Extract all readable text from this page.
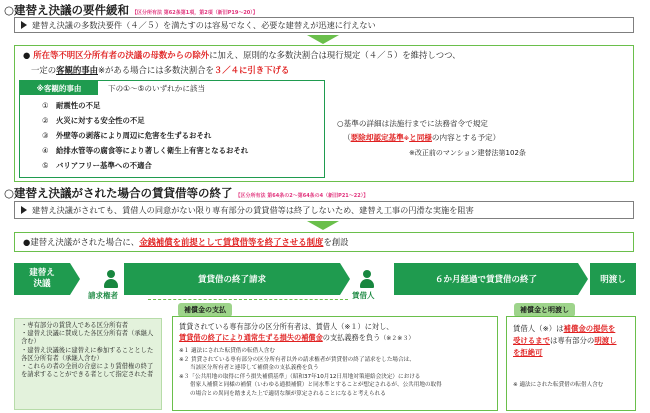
○建替え決議の要件緩和 【区分所有法 第62条第1項，第2項（新旧P19～20）】
建替え決議の多数決要件（４／５）を満たすのは容易でなく、必要な建替えが迅速に行えない
● 所在等不明区分所有者の決議の母数からの除外に加え、原則的な多数決割合は現行規定（４／５）を維持しつつ、
一定の客観的事由※がある場合には多数決割合を３／４に引き下げる
※客観的事由	下の①～⑤のいずれかに該当
① 耐震性の不足
② 火災に対する安全性の不足
③ 外壁等の剥落により周辺に危害を生ずるおそれ
④ 給排水管等の腐食等により著しく衛生上有害となるおそれ
⑤ バリアフリー基準への不適合
○基準の詳細は法施行までに法務省令で規定
（要除却認定基準※と同様の内容とする予定）
※改正前のマンション建替法第102条
○建替え決議がされた場合の賃貸借等の終了 【区分所有法 第64条の2～第64条の4（新旧P21～22）】
建替え決議がされても、賃借人の同意がない限り専有部分の賃貸借等は終了しないため、建替え工事の円滑な実施を阻害
● 建替え決議がされた場合に、 金銭補償を前提として賃貸借等を終了させる制度 を創設
建替え
決議	賃貸借の終了請求	６か月経過で賃貸借の終了	明渡し
請求権者	賃借人
・専有部分の賃貸人である区分所有者
・建替え決議に賛成した各区分所有者（承継人含む）
・建替え決議後に建替えに参加することとした各区分所有者（承継人含む）
・これらの者の全員の合意により賃借権の終了を請求することができる者として指定された者
補償金の支払
賃貸されている専有部分の区分所有者は、賃借人（※１）に対し、
賃貸借の終了により通常生ずる損失の補償金の支払義務を負う（※２※３）
※１ 適法にされた転貸借の転借人含む
※２ 賃貸されている専有部分の区分所有者以外の請求権者が賃貸借の終了請求をした場合は、
当該区分所有者と連帯して補償金の支払義務を負う
※３「公共用地の取得に伴う損失補償基準」（昭和37年10月12日用地対策連絡会決定）における
借家人補償と同様の補償（いわゆる通損補償）と同水準とすることが想定されるが、公共用地の取得
の場合との異同を踏まえた上で適切な額が算定されることになると考えられる
補償金と明渡し
賃借人（※）は補償金の提供を
受けるまでは専有部分の明渡し
を拒絶可
※ 適法にされた転貸借の転借人含む
